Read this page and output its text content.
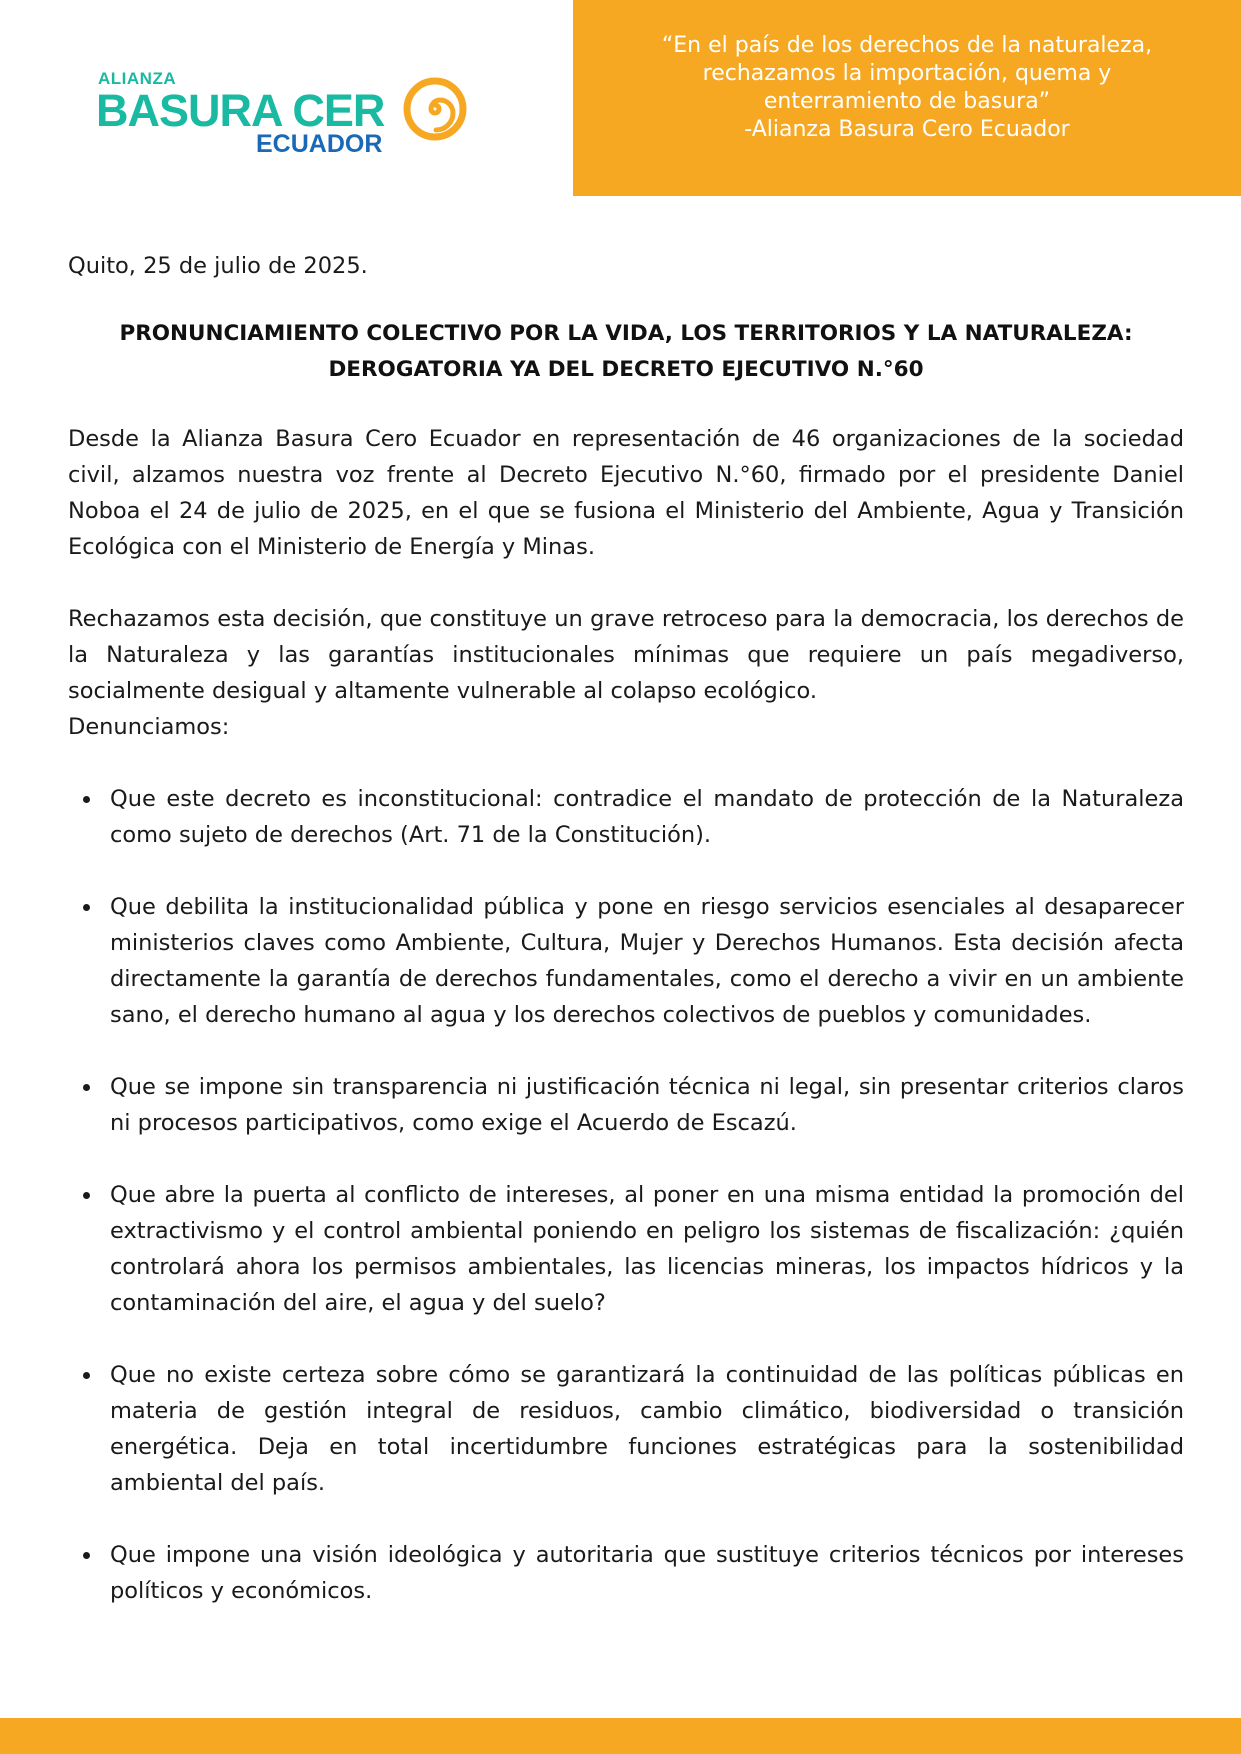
ALIANZA
BASURA CER
ECUADOR
“En el país de los derechos de la naturaleza,
rechazamos la importación, quema y
enterramiento de basura”
-Alianza Basura Cero Ecuador
Quito, 25 de julio de 2025.
PRONUNCIAMIENTO COLECTIVO POR LA VIDA, LOS TERRITORIOS Y LA NATURALEZA:
DEROGATORIA YA DEL DECRETO EJECUTIVO N.°60

Desde la Alianza Basura Cero Ecuador en representación de 46 organizaciones de la sociedad civil, alzamos nuestra voz frente al Decreto Ejecutivo N.°60, firmado por el presidente Daniel Noboa el 24 de julio de 2025, en el que se fusiona el Ministerio del Ambiente, Agua y Transición Ecológica con el Ministerio de Energía y Minas.

Rechazamos esta decisión, que constituye un grave retroceso para la democracia, los derechos de la Naturaleza y las garantías institucionales mínimas que requiere un país megadiverso, socialmente desigual y altamente vulnerable al colapso ecológico.
Denunciamos:
Que este decreto es inconstitucional: contradice el mandato de protección de la Naturaleza como sujeto de derechos (Art. 71 de la Constitución).
Que debilita la institucionalidad pública y pone en riesgo servicios esenciales al desaparecer ministerios claves como Ambiente, Cultura, Mujer y Derechos Humanos. Esta decisión afecta directamente la garantía de derechos fundamentales, como el derecho a vivir en un ambiente sano, el derecho humano al agua y los derechos colectivos de pueblos y comunidades.
Que se impone sin transparencia ni justificación técnica ni legal, sin presentar criterios claros ni procesos participativos, como exige el Acuerdo de Escazú.
Que abre la puerta al conflicto de intereses, al poner en una misma entidad la promoción del extractivismo y el control ambiental poniendo en peligro los sistemas de fiscalización: ¿quién controlará ahora los permisos ambientales, las licencias mineras, los impactos hídricos y la contaminación del aire, el agua y del suelo?
Que no existe certeza sobre cómo se garantizará la continuidad de las políticas públicas en materia de gestión integral de residuos, cambio climático, biodiversidad o transición energética. Deja en total incertidumbre funciones estratégicas para la sostenibilidad ambiental del país.
Que impone una visión ideológica y autoritaria que sustituye criterios técnicos por intereses políticos y económicos.
